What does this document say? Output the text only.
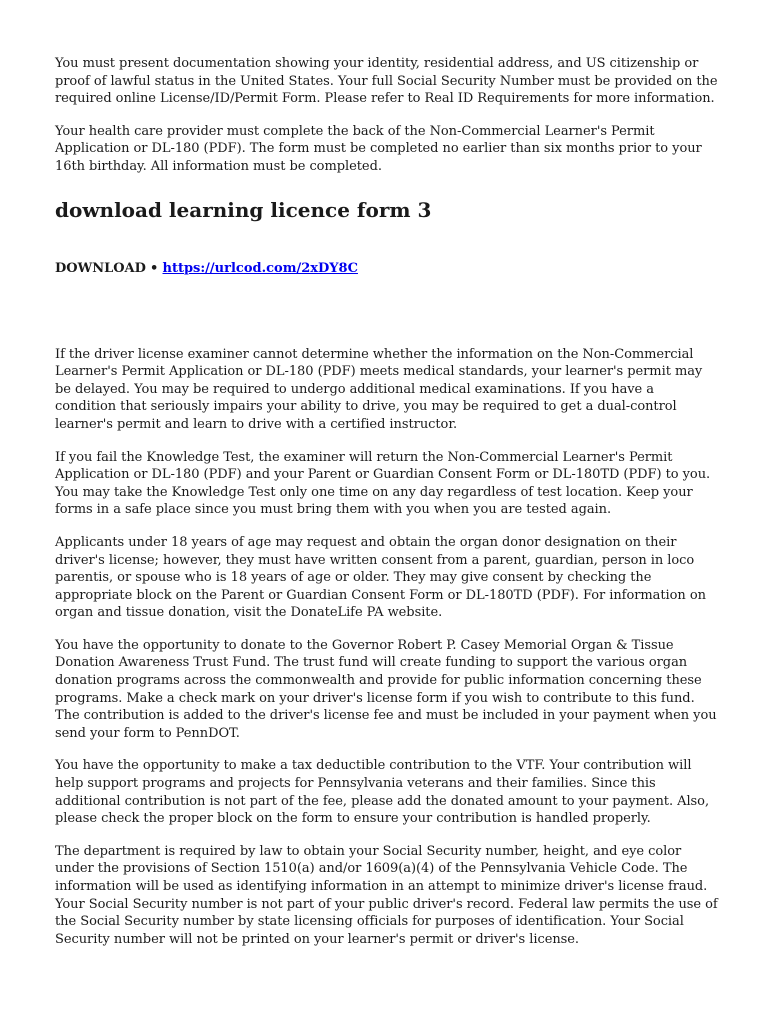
You must present documentation showing your identity, residential address, and US citizenship or proof of lawful status in the United States. Your full Social Security Number must be provided on the required online License/ID/Permit Form. Please refer to Real ID Requirements for more information.

Your health care provider must complete the back of the Non-Commercial Learner's Permit Application or DL-180 (PDF). The form must be completed no earlier than six months prior to your 16th birthday. All information must be completed.

download learning licence form 3
DOWNLOAD • https://urlcod.com/2xDY8C

If the driver license examiner cannot determine whether the information on the Non-Commercial Learner's Permit Application or DL-180 (PDF) meets medical standards, your learner's permit may be delayed. You may be required to undergo additional medical examinations. If you have a condition that seriously impairs your ability to drive, you may be required to get a dual-control learner's permit and learn to drive with a certified instructor.

If you fail the Knowledge Test, the examiner will return the Non-Commercial Learner's Permit Application or DL-180 (PDF) and your Parent or Guardian Consent Form or DL-180TD (PDF) to you. You may take the Knowledge Test only one time on any day regardless of test location. Keep your forms in a safe place since you must bring them with you when you are tested again.

Applicants under 18 years of age may request and obtain the organ donor designation on their driver's license; however, they must have written consent from a parent, guardian, person in loco parentis, or spouse who is 18 years of age or older. They may give consent by checking the appropriate block on the Parent or Guardian Consent Form or DL-180TD (PDF). For information on organ and tissue donation, visit the DonateLife PA website.

You have the opportunity to donate to the Governor Robert P. Casey Memorial Organ & Tissue Donation Awareness Trust Fund. The trust fund will create funding to support the various organ donation programs across the commonwealth and provide for public information concerning these programs. Make a check mark on your driver's license form if you wish to contribute to this fund. The contribution is added to the driver's license fee and must be included in your payment when you send your form to PennDOT.

You have the opportunity to make a tax deductible contribution to the VTF. Your contribution will help support programs and projects for Pennsylvania veterans and their families. Since this additional contribution is not part of the fee, please add the donated amount to your payment. Also, please check the proper block on the form to ensure your contribution is handled properly.

The department is required by law to obtain your Social Security number, height, and eye color under the provisions of Section 1510(a) and/or 1609(a)(4) of the Pennsylvania Vehicle Code. The information will be used as identifying information in an attempt to minimize driver's license fraud. Your Social Security number is not part of your public driver's record. Federal law permits the use of the Social Security number by state licensing officials for purposes of identification. Your Social Security number will not be printed on your learner's permit or driver's license.
